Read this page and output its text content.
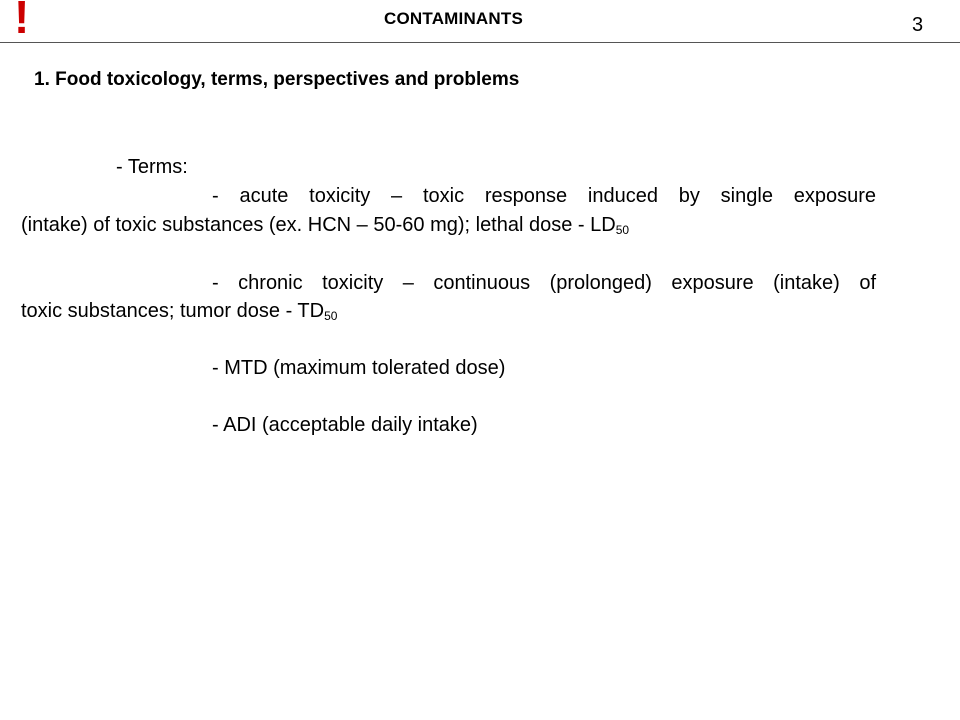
!	CONTAMINANTS	3
1. Food toxicology, terms, perspectives and problems
- Terms:
- acute toxicity – toxic response induced by single exposure
(intake) of toxic substances (ex. HCN – 50-60 mg); lethal dose - $LD_{50}$
- chronic toxicity – continuous (prolonged) exposure (intake) of
toxic substances; tumor dose - $TD_{50}$
- MTD (maximum tolerated dose)
- ADI (acceptable daily intake)
